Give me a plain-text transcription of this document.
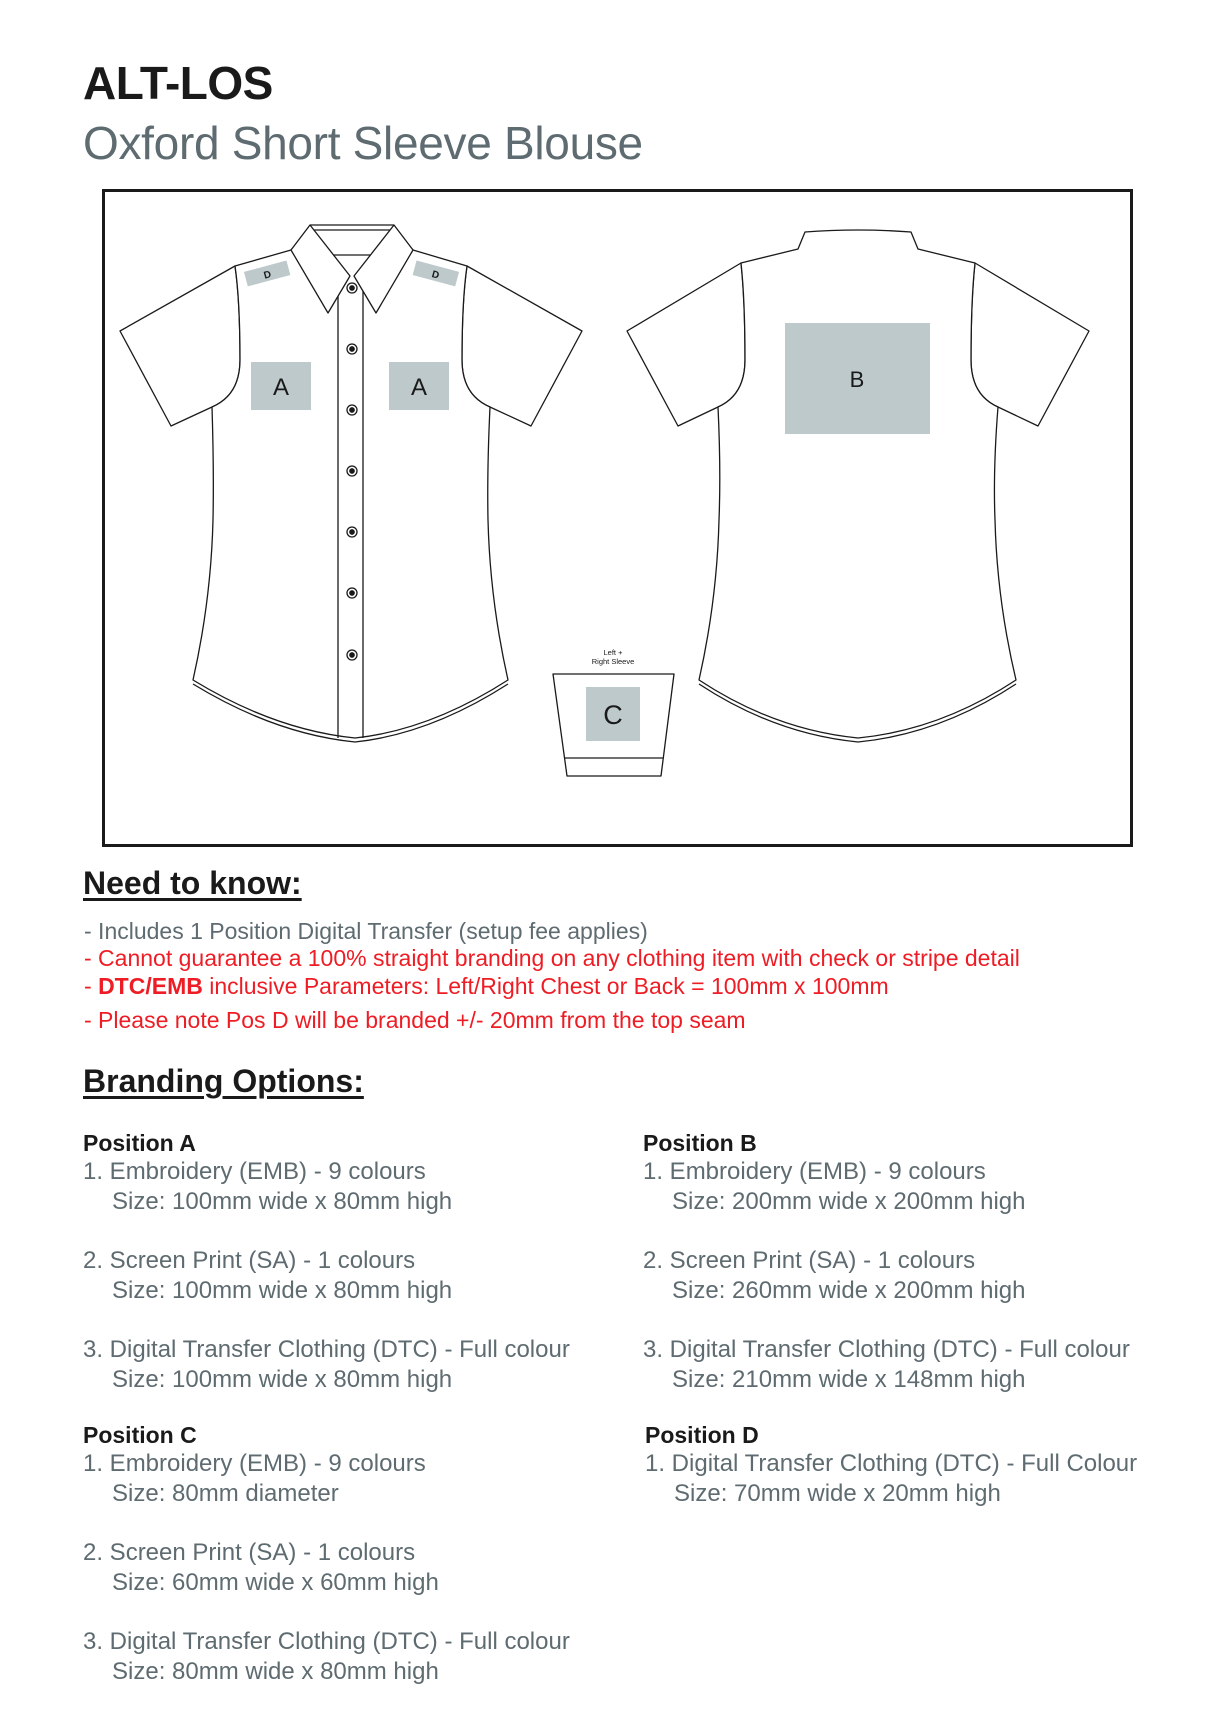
ALT-LOS
Oxford Short Sleeve Blouse
A	A	B
C
D	D
Left +
Right Sleeve
Need to know:
- Includes 1 Position Digital Transfer (setup fee applies)
- Cannot guarantee a 100% straight branding on any clothing item with check or stripe detail
- DTC/EMB inclusive Parameters: Left/Right Chest or Back = 100mm x 100mm
- Please note Pos D will be branded +/- 20mm from the top seam
Branding Options:
Position A
1. Embroidery (EMB) - 9 colours
Size: 100mm wide x 80mm high
2. Screen Print (SA) - 1 colours
Size: 100mm wide x 80mm high
3. Digital Transfer Clothing (DTC) - Full colour
Size: 100mm wide x 80mm high
Position B
1. Embroidery (EMB) - 9 colours
Size: 200mm wide x 200mm high
2. Screen Print (SA) - 1 colours
Size: 260mm wide x 200mm high
3. Digital Transfer Clothing (DTC) - Full colour
Size: 210mm wide x 148mm high
Position C
1. Embroidery (EMB) - 9 colours
Size: 80mm diameter
2. Screen Print (SA) - 1 colours
Size: 60mm wide x 60mm high
3. Digital Transfer Clothing (DTC) - Full colour
Size: 80mm wide x 80mm high
Position D
1. Digital Transfer Clothing (DTC) - Full Colour
Size: 70mm wide x 20mm high
